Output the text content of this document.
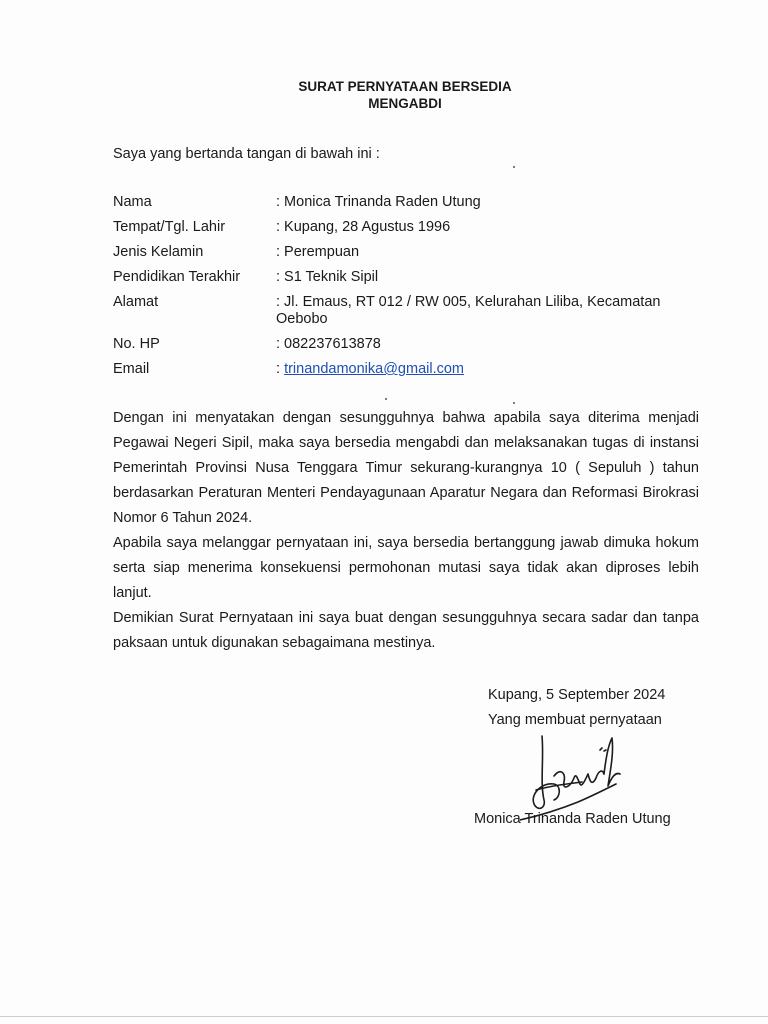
SURAT PERNYATAAN BERSEDIA
MENGABDI
Saya yang bertanda tangan di bawah ini :
Nama	: Monica Trinanda Raden Utung
Tempat/Tgl. Lahir	: Kupang, 28 Agustus 1996
Jenis Kelamin	: Perempuan
Pendidikan Terakhir : S1 Teknik Sipil
Alamat	: Jl. Emaus, RT 012 / RW 005, Kelurahan Liliba, Kecamatan Oebobo
No. HP	: 082237613878
Email	: trinandamonika@gmail.com

Dengan ini menyatakan dengan sesungguhnya bahwa apabila saya diterima menjadi Pegawai Negeri Sipil, maka saya bersedia mengabdi dan melaksanakan tugas di instansi Pemerintah Provinsi Nusa Tenggara Timur sekurang-kurangnya 10 ( Sepuluh ) tahun berdasarkan Peraturan Menteri Pendayagunaan Aparatur Negara dan Reformasi Birokrasi Nomor 6 Tahun 2024.

Apabila saya melanggar pernyataan ini, saya bersedia bertanggung jawab dimuka hokum serta siap menerima konsekuensi permohonan mutasi saya tidak akan diproses lebih lanjut.

Demikian Surat Pernyataan ini saya buat dengan sesungguhnya secara sadar dan tanpa paksaan untuk digunakan sebagaimana mestinya.

Kupang, 5 September 2024
Yang membuat pernyataan
Monica Trinanda Raden Utung
